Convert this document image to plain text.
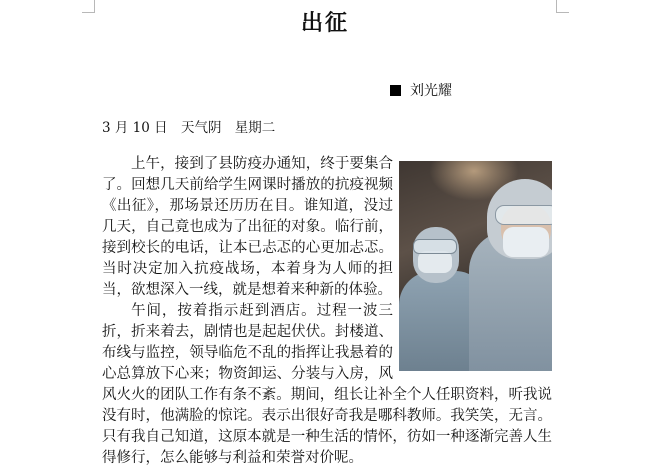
出征
刘光耀
3 月 10 日 天气阴 星期二

上午，接到了县防疫办通知，终于要集合了。回想几天前给学生网课时播放的抗疫视频《出征》，那场景还历历在目。谁知道，没过几天，自己竟也成为了出征的对象。临行前，接到校长的电话，让本已忐忑的心更加忐忑。当时决定加入抗疫战场，本着身为人师的担当，欲想深入一线，就是想着来种新的体验。

午间，按着指示赶到酒店。过程一波三折，折来着去，剧情也是起起伏伏。封楼道、布线与监控，领导临危不乱的指挥让我悬着的心总算放下心来；物资卸运、分装与入房，风风火火的团队工作有条不紊。期间，组长让补全个人任职资料，听我说没有时，他满脸的惊诧。表示出很好奇我是哪科教师。我笑笑，无言。只有我自己知道，这原本就是一种生活的情怀，彷如一种逐渐完善人生得修行，怎么能够与利益和荣誉对价呢。
